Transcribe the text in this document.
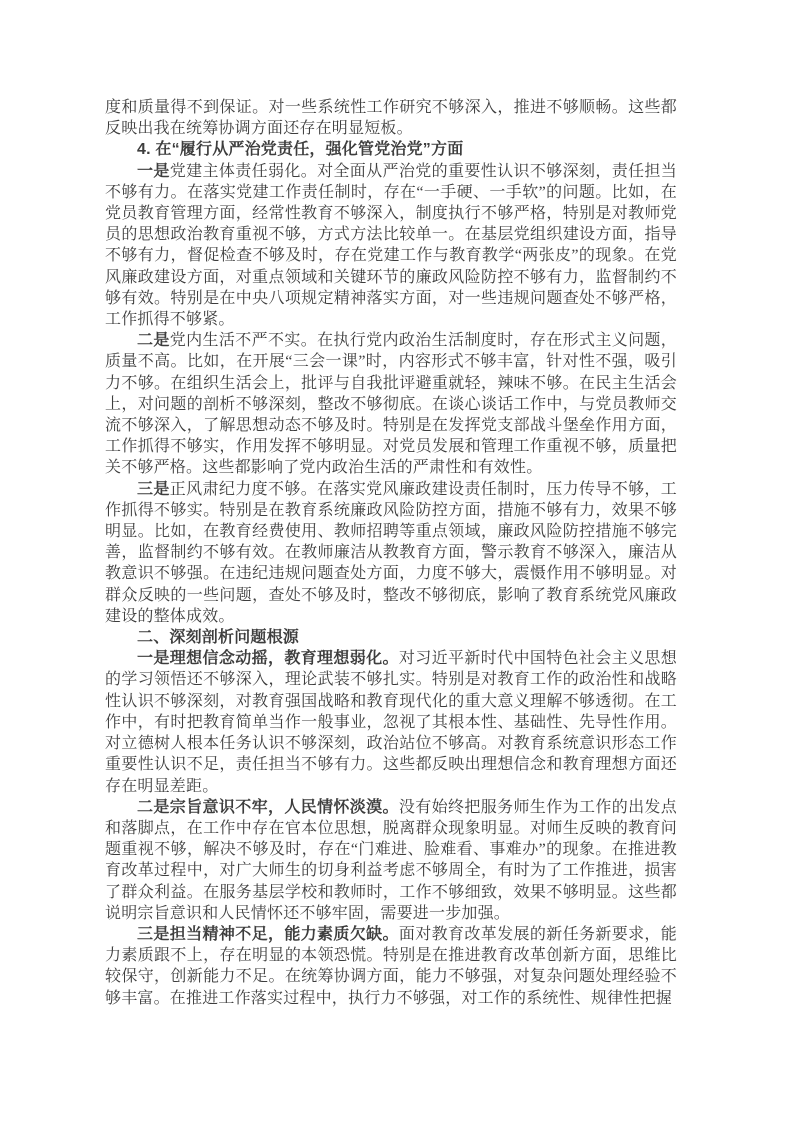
度和质量得不到保证。对一些系统性工作研究不够深入，推进不够顺畅。这些都反映出我在统筹协调方面还存在明显短板。

4. 在“履行从严治党责任，强化管党治党”方面

一是党建主体责任弱化。对全面从严治党的重要性认识不够深刻，责任担当不够有力。在落实党建工作责任制时，存在“一手硬、一手软”的问题。比如，在党员教育管理方面，经常性教育不够深入，制度执行不够严格，特别是对教师党员的思想政治教育重视不够，方式方法比较单一。在基层党组织建设方面，指导不够有力，督促检查不够及时，存在党建工作与教育教学“两张皮”的现象。在党风廉政建设方面，对重点领域和关键环节的廉政风险防控不够有力，监督制约不够有效。特别是在中央八项规定精神落实方面，对一些违规问题查处不够严格，工作抓得不够紧。

二是党内生活不严不实。在执行党内政治生活制度时，存在形式主义问题，质量不高。比如，在开展“三会一课”时，内容形式不够丰富，针对性不强，吸引力不够。在组织生活会上，批评与自我批评避重就轻，辣味不够。在民主生活会上，对问题的剖析不够深刻，整改不够彻底。在谈心谈话工作中，与党员教师交流不够深入，了解思想动态不够及时。特别是在发挥党支部战斗堡垒作用方面，工作抓得不够实，作用发挥不够明显。对党员发展和管理工作重视不够，质量把关不够严格。这些都影响了党内政治生活的严肃性和有效性。

三是正风肃纪力度不够。在落实党风廉政建设责任制时，压力传导不够，工作抓得不够实。特别是在教育系统廉政风险防控方面，措施不够有力，效果不够明显。比如，在教育经费使用、教师招聘等重点领域，廉政风险防控措施不够完善，监督制约不够有效。在教师廉洁从教教育方面，警示教育不够深入，廉洁从教意识不够强。在违纪违规问题查处方面，力度不够大，震慑作用不够明显。对群众反映的一些问题，查处不够及时，整改不够彻底，影响了教育系统党风廉政建设的整体成效。

二、深刻剖析问题根源

一是理想信念动摇，教育理想弱化。对习近平新时代中国特色社会主义思想的学习领悟还不够深入，理论武装不够扎实。特别是对教育工作的政治性和战略性认识不够深刻，对教育强国战略和教育现代化的重大意义理解不够透彻。在工作中，有时把教育简单当作一般事业，忽视了其根本性、基础性、先导性作用。对立德树人根本任务认识不够深刻，政治站位不够高。对教育系统意识形态工作重要性认识不足，责任担当不够有力。这些都反映出理想信念和教育理想方面还存在明显差距。

二是宗旨意识不牢，人民情怀淡漠。没有始终把服务师生作为工作的出发点和落脚点，在工作中存在官本位思想，脱离群众现象明显。对师生反映的教育问题重视不够，解决不够及时，存在“门难进、脸难看、事难办”的现象。在推进教育改革过程中，对广大师生的切身利益考虑不够周全，有时为了工作推进，损害了群众利益。在服务基层学校和教师时，工作不够细致，效果不够明显。这些都说明宗旨意识和人民情怀还不够牢固，需要进一步加强。

三是担当精神不足，能力素质欠缺。面对教育改革发展的新任务新要求，能力素质跟不上，存在明显的本领恐慌。特别是在推进教育改革创新方面，思维比较保守，创新能力不足。在统筹协调方面，能力不够强，对复杂问题处理经验不够丰富。在推进工作落实过程中，执行力不够强，对工作的系统性、规律性把握
